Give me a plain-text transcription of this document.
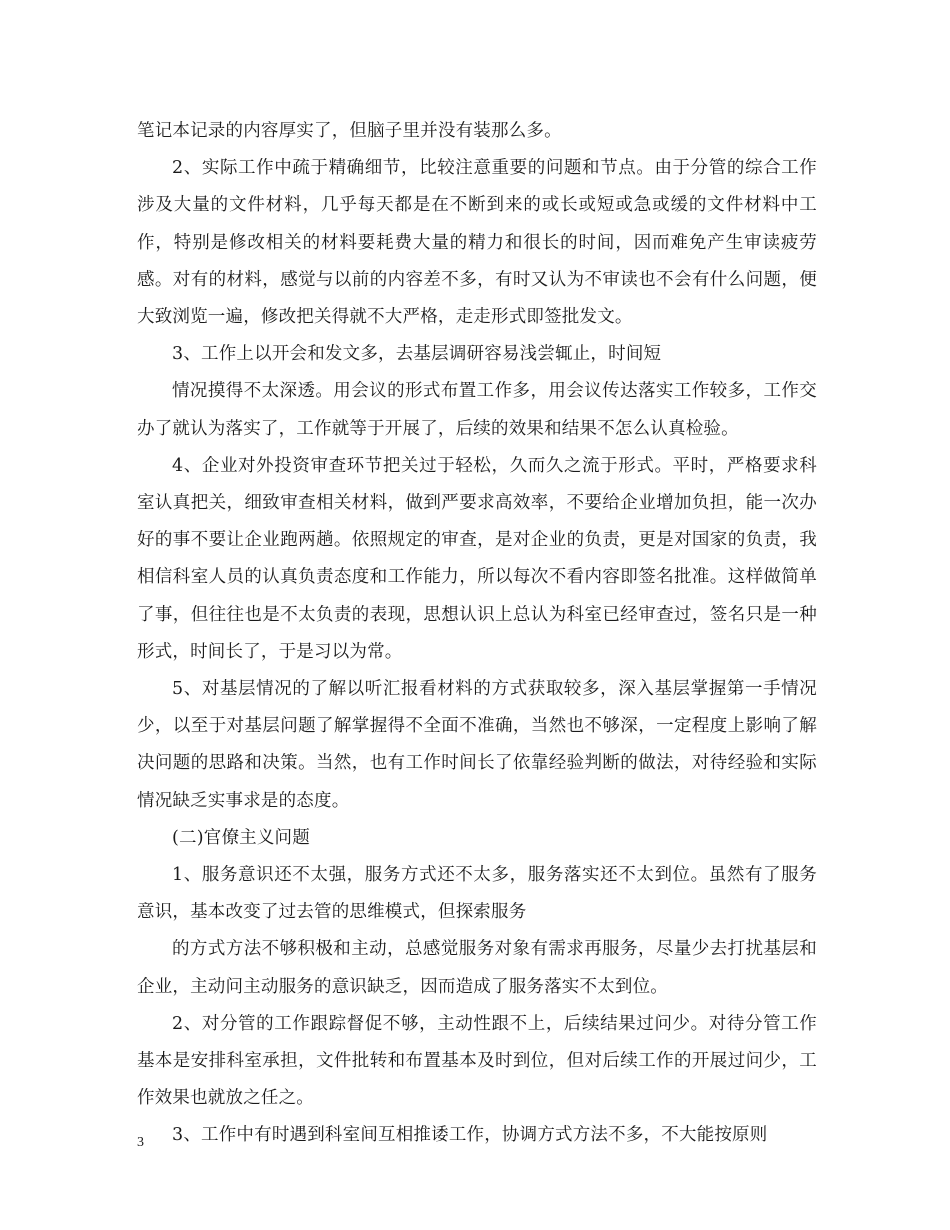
笔记本记录的内容厚实了，但脑子里并没有装那么多。

2、实际工作中疏于精确细节，比较注意重要的问题和节点。由于分管的综合工作涉及大量的文件材料，几乎每天都是在不断到来的或长或短或急或缓的文件材料中工作，特别是修改相关的材料要耗费大量的精力和很长的时间，因而难免产生审读疲劳感。对有的材料，感觉与以前的内容差不多，有时又认为不审读也不会有什么问题，便大致浏览一遍，修改把关得就不大严格，走走形式即签批发文。

3、工作上以开会和发文多，去基层调研容易浅尝辄止，时间短

情况摸得不太深透。用会议的形式布置工作多，用会议传达落实工作较多，工作交办了就认为落实了，工作就等于开展了，后续的效果和结果不怎么认真检验。

4、企业对外投资审查环节把关过于轻松，久而久之流于形式。平时，严格要求科室认真把关，细致审查相关材料，做到严要求高效率，不要给企业增加负担，能一次办好的事不要让企业跑两趟。依照规定的审查，是对企业的负责，更是对国家的负责，我相信科室人员的认真负责态度和工作能力，所以每次不看内容即签名批准。这样做简单了事，但往往也是不太负责的表现，思想认识上总认为科室已经审查过，签名只是一种形式，时间长了，于是习以为常。

5、对基层情况的了解以听汇报看材料的方式获取较多，深入基层掌握第一手情况少，以至于对基层问题了解掌握得不全面不准确，当然也不够深，一定程度上影响了解决问题的思路和决策。当然，也有工作时间长了依靠经验判断的做法，对待经验和实际情况缺乏实事求是的态度。

(二)官僚主义问题

1、服务意识还不太强，服务方式还不太多，服务落实还不太到位。虽然有了服务意识，基本改变了过去管的思维模式，但探索服务

的方式方法不够积极和主动，总感觉服务对象有需求再服务，尽量少去打扰基层和企业，主动问主动服务的意识缺乏，因而造成了服务落实不太到位。

2、对分管的工作跟踪督促不够，主动性跟不上，后续结果过问少。对待分管工作基本是安排科室承担，文件批转和布置基本及时到位，但对后续工作的开展过问少，工作效果也就放之任之。

3、工作中有时遇到科室间互相推诿工作，协调方式方法不多，不大能按原则

3
